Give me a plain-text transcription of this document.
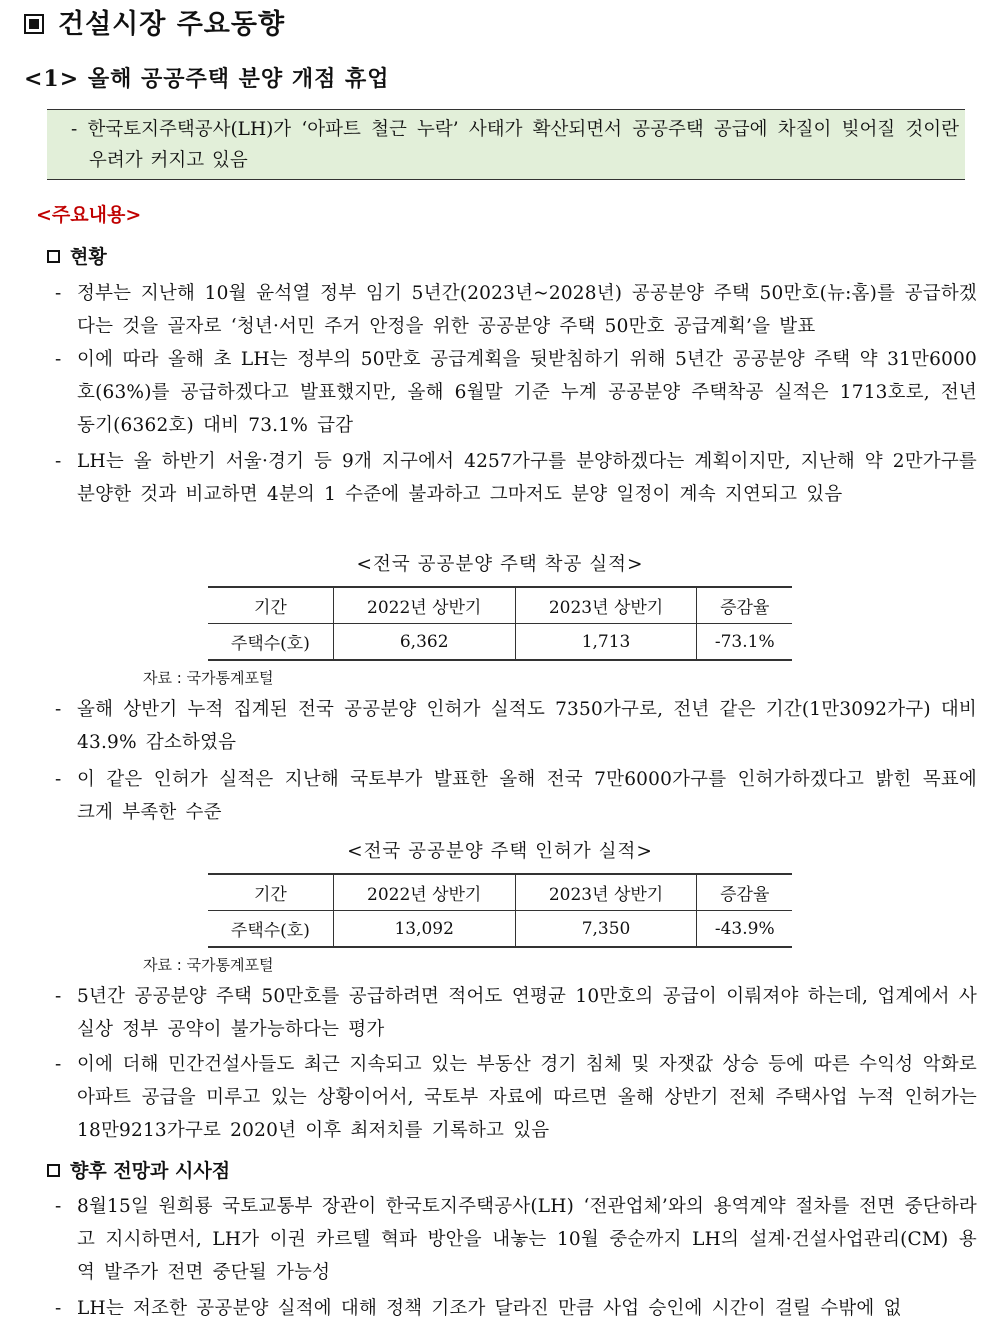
건설시장 주요동향
<1> 올해 공공주택 분양 개점 휴업

- 한국토지주택공사(LH)가 ‘아파트 철근 누락’ 사태가 확산되면서 공공주택 공급에 차질이 빚어질 것이란 우려가 커지고 있음

<주요내용>
현황
- 정부는 지난해 10월 윤석열 정부 임기 5년간(2023년~2028년) 공공분양 주택 50만호(뉴:홈)를 공급하겠다는 것을 골자로 ‘청년·서민 주거 안정을 위한 공공분양 주택 50만호 공급계획’을 발표
- 이에 따라 올해 초 LH는 정부의 50만호 공급계획을 뒷받침하기 위해 5년간 공공분양 주택 약 31만6000호(63%)를 공급하겠다고 발표했지만, 올해 6월말 기준 누계 공공분양 주택착공 실적은 1713호로, 전년 동기(6362호) 대비 73.1% 급감
- LH는 올 하반기 서울·경기 등 9개 지구에서 4257가구를 분양하겠다는 계획이지만, 지난해 약 2만가구를 분양한 것과 비교하면 4분의 1 수준에 불과하고 그마저도 분양 일정이 계속 지연되고 있음
<전국 공공분양 주택 착공 실적>
기간	2022년 상반기	2023년 상반기	증감율
주택수(호)	6,362	1,713	-73.1%
자료 : 국가통계포털
- 올해 상반기 누적 집계된 전국 공공분양 인허가 실적도 7350가구로, 전년 같은 기간(1만3092가구) 대비 43.9% 감소하였음
- 이 같은 인허가 실적은 지난해 국토부가 발표한 올해 전국 7만6000가구를 인허가하겠다고 밝힌 목표에 크게 부족한 수준
<전국 공공분양 주택 인허가 실적>
기간	2022년 상반기	2023년 상반기	증감율
주택수(호)	13,092	7,350	-43.9%
자료 : 국가통계포털
- 5년간 공공분양 주택 50만호를 공급하려면 적어도 연평균 10만호의 공급이 이뤄져야 하는데, 업계에서 사실상 정부 공약이 불가능하다는 평가
- 이에 더해 민간건설사들도 최근 지속되고 있는 부동산 경기 침체 및 자잿값 상승 등에 따른 수익성 악화로 아파트 공급을 미루고 있는 상황이어서, 국토부 자료에 따르면 올해 상반기 전체 주택사업 누적 인허가는 18만9213가구로 2020년 이후 최저치를 기록하고 있음
향후 전망과 시사점
- 8월15일 원희룡 국토교통부 장관이 한국토지주택공사(LH) ‘전관업체’와의 용역계약 절차를 전면 중단하라고 지시하면서, LH가 이권 카르텔 혁파 방안을 내놓는 10월 중순까지 LH의 설계·건설사업관리(CM) 용역 발주가 전면 중단될 가능성
- LH는 저조한 공공분양 실적에 대해 정책 기조가 달라진 만큼 사업 승인에 시간이 걸릴 수밖에 없
